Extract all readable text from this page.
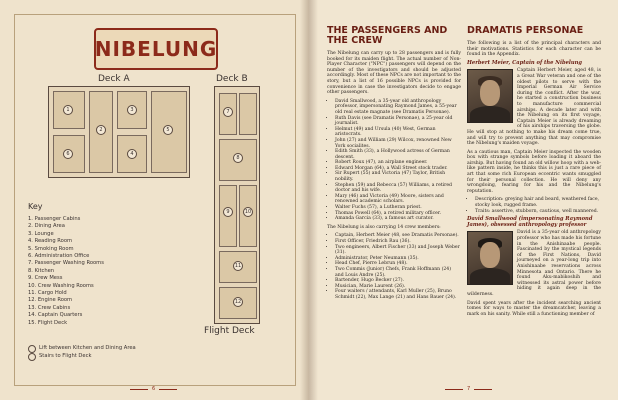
NIBELUNG
Deck A	Deck B
1
2
3
4
5
6
7
8
9	10
11
12
Key
1. Passenger Cabins
2. Dining Area
3. Lounge
4. Reading Room
5. Smoking Room
6. Administration Office
7. Passenger Washing Rooms
8. Kitchen
9. Crew Mess
10. Crew Washing Rooms
11. Cargo Hold
12. Engine Room
13. Crew Cabins
14. Captain Quarters
15. Flight Deck
Lift between Kitchen and Dining Area
Stairs to Flight Deck
Flight Deck
6
THE PASSENGERS AND THE CREW

The Nibelung can carry up to 28 passengers and is fully booked for its maiden flight. The actual number of Non-Player Character ("NPC") passengers will depend on the number of the investigators and should be adjusted accordingly. Most of these NPCs are not important to the story, but a list of 16 possible NPCs is provided for convenience in case the investigators decide to engage other passengers.

• David Smallwood, a 35-year old anthropology professor, impersonating Raymond James, a 55-year old real estate magnate (see Dramatis Personae).
• Ruth Davis (see Dramatis Personae), a 25-year old journalist.
• Helmut (49) and Ursula (40) West, German aristocrats.
• John (27) and William (29) Wilcox, renowned New York socialites.
• Edith Smith (33), a Hollywood actress of German descent.
• Robert Roux (47), an airplane engineer.
• Edward Morgan (64), a Wall Street stock trader.
• Sir Rupert (55) and Victoria (47) Taylor, British nobility.
• Stephen (59) and Rebecca (57) Williams, a retired doctor and his wife.
• Mary (46) and Victoria (49) Moore, sisters and renowned academic scholars.
• Walter Fuchs (57), a Lutheran priest.
• Thomas Powell (64), a retired military officer.
• Amanda Garcia (33), a famous art curator.

The Nibelung is also carrying 14 crew members:

• Captain, Herbert Meier (48, see Dramatis Personae).
• First Officer, Friedrich Rau (36).
• Two engineers, Albert Fischer (33) and Joseph Weber (31).
• Administrator, Peter Neumann (35).
• Head Chef, Pierre Lebrun (48).
• Two Commis (Junior) Chefs, Frank Hoffmann (24) and Louis Andre (25).
• Bartender, Hugo Becker (27).
• Musician, Marie Laurent (26).
• Four waiters / attendants, Karl Muller (25), Bruno Schmidt (22), Max Lange (21) and Hans Bauer (24).
DRAMATIS PERSONAE

The following is a list of the principal characters and their motivations. Statistics for each character can be found in the Appendix.

Herbert Meier, Captain of the Nibelung

Captain Herbert Meier, aged 48, is a Great War veteran and one of the oldest pilots to serve with the Imperial German Air Service during the conflict. After the war, he started a construction business to manufacture commercial airships. A decade later and with the Nibelung on its first voyage, Captain Meier is already dreaming of his airships traversing the globe. He will stop at nothing to make his dream come true, and will try to prevent anything that may compromise the Nibelung's maiden voyage.

As a cautious man, Captain Meier inspected the wooden box with strange symbols before loading it aboard the airship. But having found an old willow hoop with a web-like pattern inside, he thinks this is just a rare piece of art that some rich European eccentric wants smuggled for their personal collection. He will deny any wrongdoing, fearing for his and the Nibelung's reputation.

• Description: greying hair and beard, weathered face, stocky look, rugged frame.
• Traits: assertive, stubborn, cautious, well mannered.
David Smallwood (impersonating Raymond James), obsessed anthropology professor

David is a 35-year old anthropology professor who has made his fortune in the Anishinaabe people. Fascinated by the mystical legends of the First Nations, David journeyed on a year-long trip into Anishinaabe reservations across Minnesota and Ontario. There he found Aku-mabikoshih and witnessed its astral power before hiding it again deep in the wilderness.

David spent years after the incident searching ancient tomes for ways to master the dreamcatcher, leaving a mark on his sanity. While still a functioning member of

7
